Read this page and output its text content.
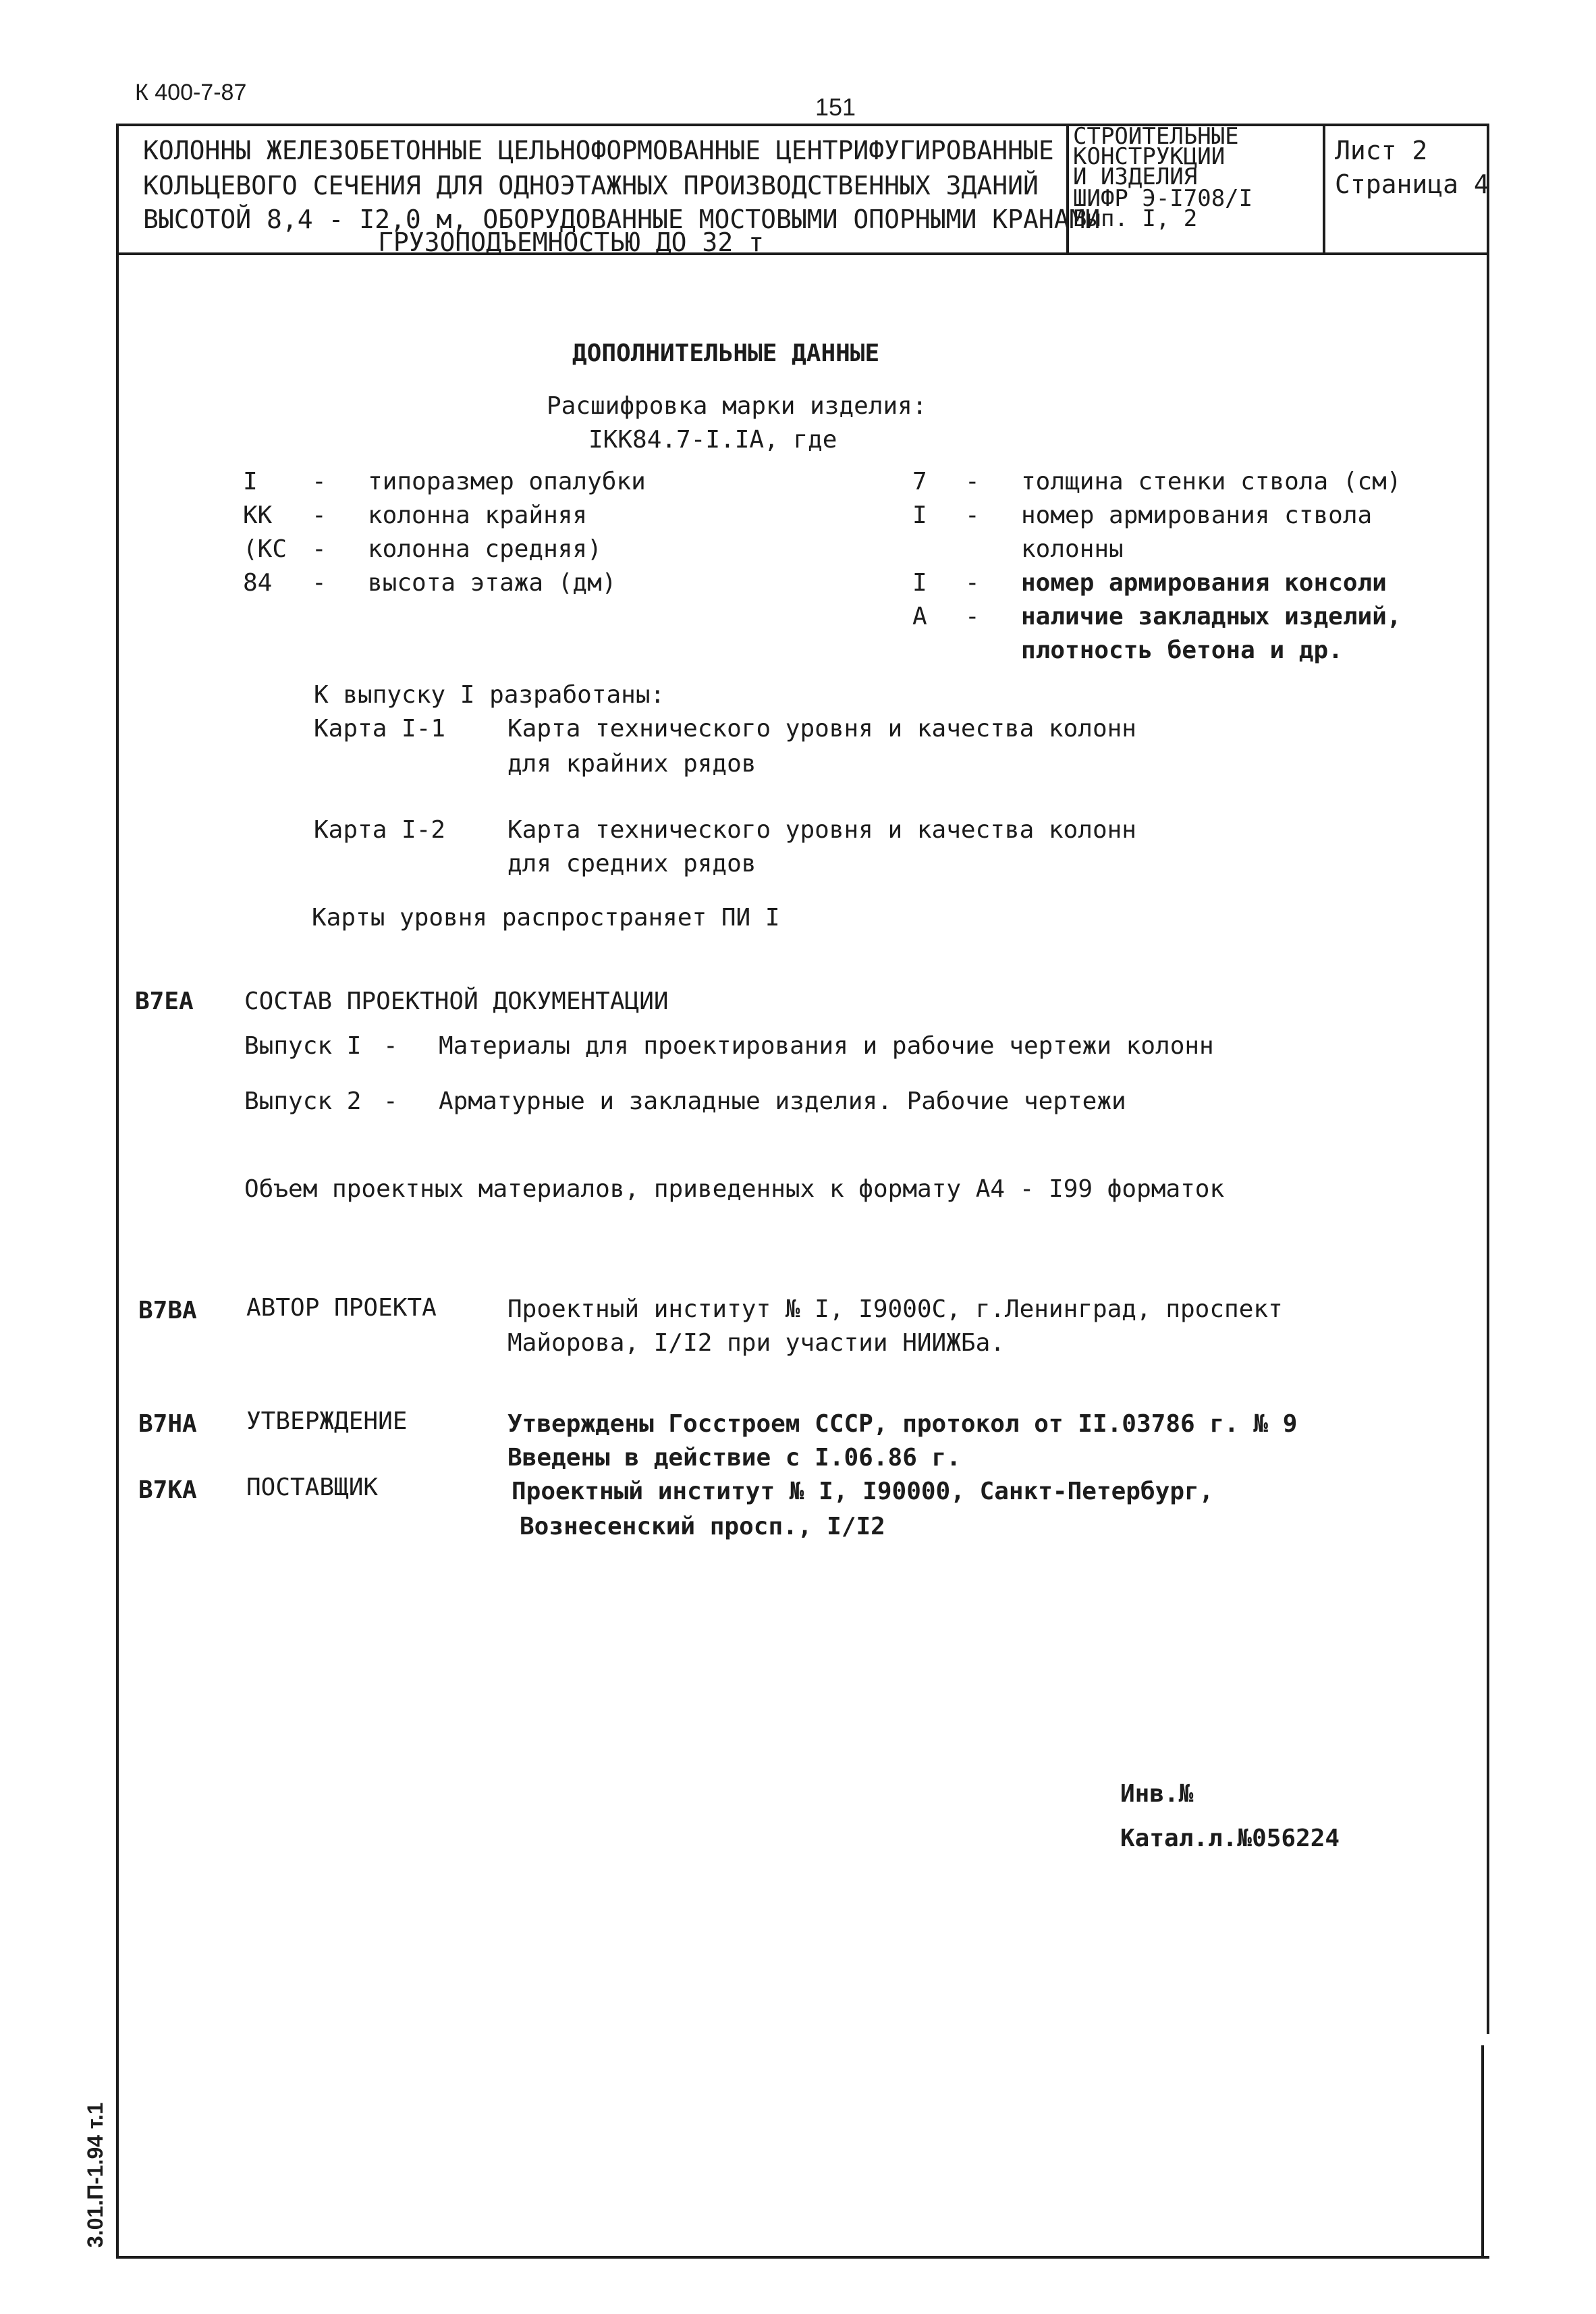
К 400-7-87
151
КОЛОННЫ ЖЕЛЕЗОБЕТОННЫЕ ЦЕЛЬНОФОРМОВАННЫЕ ЦЕНТРИФУГИРОВАННЫЕ
КОЛЬЦЕВОГО СЕЧЕНИЯ ДЛЯ ОДНОЭТАЖНЫХ ПРОИЗВОДСТВЕННЫХ ЗДАНИЙ
ВЫСОТОЙ 8,4 - I2,0 м, ОБОРУДОВАННЫЕ МОСТОВЫМИ ОПОРНЫМИ КРАНАМИ
ГРУЗОПОДЪЕМНОСТЬЮ ДО 32 т
СТРОИТЕЛЬНЫЕ
КОНСТРУКЦИИ
И ИЗДЕЛИЯ
ШИФР Э-I708/I
Вып. I, 2
Лист 2
Страница 4
ДОПОЛНИТЕЛЬНЫЕ ДАННЫЕ
Расшифровка марки изделия:
IКК84.7-I.IA, где
I - типоразмер опалубки
КК - колонна крайняя
(КС - колонна средняя)
84 - высота этажа (дм)
7 - толщина стенки ствола (см)
I - номер армирования ствола
колонны
I - номер армирования консоли
А - наличие закладных изделий,
плотность бетона и др.
К выпуску I разработаны:
Карта I-1	Карта технического уровня и качества колонн
для крайних рядов
Карта I-2	Карта технического уровня и качества колонн
для средних рядов
Карты уровня распространяет ПИ I
В7ЕА СОСТАВ ПРОЕКТНОЙ ДОКУМЕНТАЦИИ
Выпуск I - Материалы для проектирования и рабочие чертежи колонн
Выпуск 2 - Арматурные и закладные изделия. Рабочие чертежи
Объем проектных материалов, приведенных к формату А4 - I99 форматок
В7ВА АВТОР ПРОЕКТА	Проектный институт № I, I9000С, г.Ленинград, проспект
Майорова, I/I2 при участии НИИЖБа.
В7НА УТВЕРЖДЕНИЕ	Утверждены Госстроем СССР, протокол от II.03786 г. № 9
Введены в действие с I.06.86 г.
В7КА ПОСТАВЩИК	Проектный институт № I, I90000, Санкт-Петербург,
Вознесенский просп., I/I2
Инв.№
Катал.л.№056224
3.01.П-1.94 т.1
